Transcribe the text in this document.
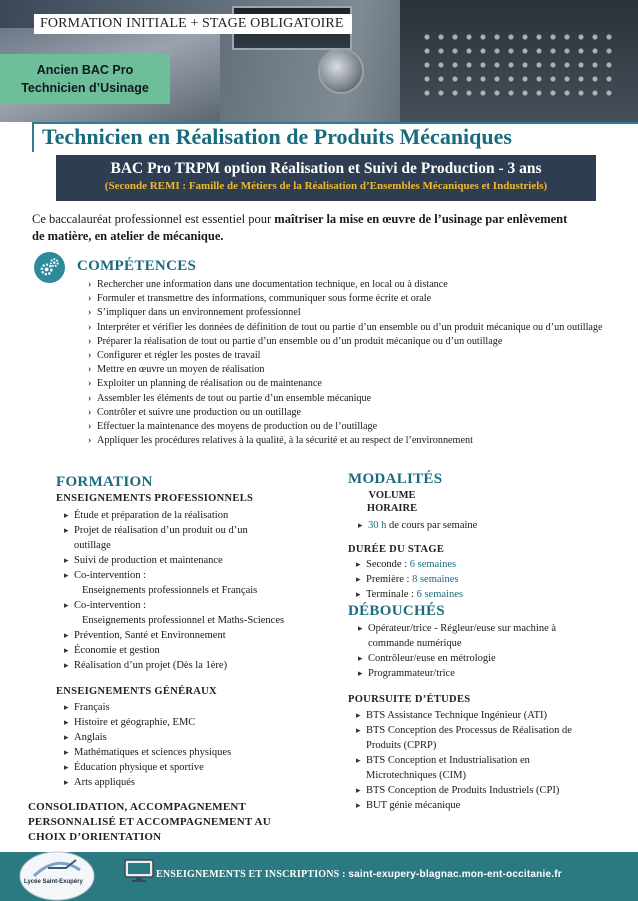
FORMATION INITIALE + STAGE OBLIGATOIRE
Ancien BAC Pro
Technicien d’Usinage
Technicien en Réalisation de Produits Mécaniques
BAC Pro TRPM option Réalisation et Suivi de Production - 3 ans
(Seconde REMI : Famille de Métiers de la Réalisation d’Ensembles Mécaniques et Industriels)
Ce baccalauréat professionnel est essentiel pour maîtriser la mise en œuvre de l’usinage par enlèvement de matière, en atelier de mécanique.
COMPÉTENCES
› Rechercher une information dans une documentation technique, en local ou à distance
› Formuler et transmettre des informations, communiquer sous forme écrite et orale
› S’impliquer dans un environnement professionnel
› Interpréter et vérifier les données de définition de tout ou partie d’un ensemble ou d’un produit mécanique ou d’un outillage
› Préparer la réalisation de tout ou partie d’un ensemble ou d’un produit mécanique ou d’un outillage
› Configurer et régler les postes de travail
› Mettre en œuvre un moyen de réalisation
› Exploiter un planning de réalisation ou de maintenance
› Assembler les éléments de tout ou partie d’un ensemble mécanique
› Contrôler et suivre une production ou un outillage
› Effectuer la maintenance des moyens de production ou de l’outillage
› Appliquer les procédures relatives à la qualité, à la sécurité et au respect de l’environnement
FORMATION
ENSEIGNEMENTS PROFESSIONNELS
▸ Étude et préparation de la réalisation
▸ Projet de réalisation d’un produit ou d’un
outillage
▸ Suivi de production et maintenance
▸ Co-intervention :
Enseignements professionnels et Français
▸ Co-intervention :
Enseignements professionnel et Maths-Sciences
▸ Prévention, Santé et Environnement
▸ Économie et gestion
▸ Réalisation d’un projet (Dès la 1ère)
ENSEIGNEMENTS GÉNÉRAUX
▸ Français
▸ Histoire et géographie, EMC
▸ Anglais
▸ Mathématiques et sciences physiques
▸ Éducation physique et sportive
▸ Arts appliqués
CONSOLIDATION, ACCOMPAGNEMENT PERSONNALISÉ ET ACCOMPAGNEMENT AU CHOIX D’ORIENTATION
MODALITÉS
VOLUME
HORAIRE
▸ 30 h de cours par semaine
DURÉE DU STAGE
▸ Seconde : 6 semaines
▸ Première : 8 semaines
▸ Terminale : 6 semaines
DÉBOUCHÉS
▸ Opérateur/trice - Régleur/euse sur machine à
commande numérique
▸ Contrôleur/euse en métrologie
▸ Programmateur/trice
POURSUITE D’ÉTUDES
▸ BTS Assistance Technique Ingénieur (ATI)
▸ BTS Conception des Processus de Réalisation de
Produits (CPRP)
▸ BTS Conception et Industrialisation en
Microtechniques (CIM)
▸ BTS Conception de Produits Industriels (CPI)
▸ BUT génie mécanique
Lycée Saint-Exupéry
ENSEIGNEMENTS ET INSCRIPTIONS : saint-exupery-blagnac.mon-ent-occitanie.fr
